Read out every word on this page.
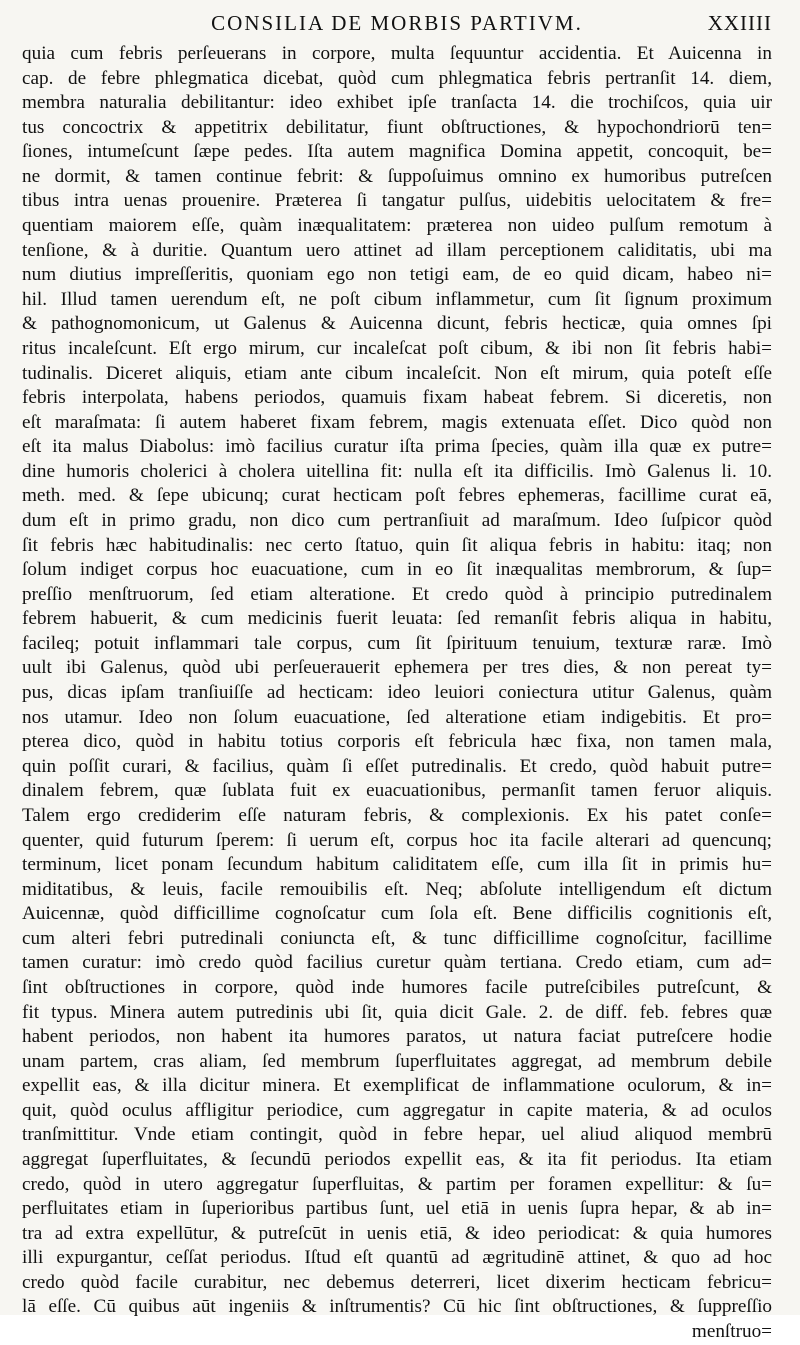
CONSILIA DE MORBIS PARTIVM.	XXIIII
quia cum febris perſeuerans in corpore, multa ſequuntur accidentia. Et Auicenna in
cap. de febre phlegmatica dicebat, quòd cum phlegmatica febris pertranſit 14. diem,
membra naturalia debilitantur: ideo exhibet ipſe tranſacta 14. die trochiſcos, quia uir
tus concoctrix & appetitrix debilitatur, fiunt obſtructiones, & hypochondriorū ten=
ſiones, intumeſcunt ſæpe pedes. Iſta autem magnifica Domina appetit, concoquit, be=
ne dormit, & tamen continue febrit: & ſuppoſuimus omnino ex humoribus putreſcen
tibus intra uenas prouenire. Præterea ſi tangatur pulſus, uidebitis uelocitatem & fre=
quentiam maiorem eſſe, quàm inæqualitatem: præterea non uideo pulſum remotum à
tenſione, & à duritie. Quantum uero attinet ad illam perceptionem caliditatis, ubi ma
num diutius impreſſeritis, quoniam ego non tetigi eam, de eo quid dicam, habeo ni=
hil. Illud tamen uerendum eſt, ne poſt cibum inflammetur, cum ſit ſignum proximum
& pathognomonicum, ut Galenus & Auicenna dicunt, febris hecticæ, quia omnes ſpi
ritus incaleſcunt. Eſt ergo mirum, cur incaleſcat poſt cibum, & ibi non ſit febris habi=
tudinalis. Diceret aliquis, etiam ante cibum incaleſcit. Non eſt mirum, quia poteſt eſſe
febris interpolata, habens periodos, quamuis fixam habeat febrem. Si diceretis, non
eſt maraſmata: ſi autem haberet fixam febrem, magis extenuata eſſet. Dico quòd non
eſt ita malus Diabolus: imò facilius curatur iſta prima ſpecies, quàm illa quæ ex putre=
dine humoris cholerici à cholera uitellina fit: nulla eſt ita difficilis. Imò Galenus li. 10.
meth. med. & ſepe ubicunq; curat hecticam poſt febres ephemeras, facillime curat eā,
dum eſt in primo gradu, non dico cum pertranſiuit ad maraſmum. Ideo ſuſpicor quòd
ſit febris hæc habitudinalis: nec certo ſtatuo, quin ſit aliqua febris in habitu: itaq; non
ſolum indiget corpus hoc euacuatione, cum in eo ſit inæqualitas membrorum, & ſup=
preſſio menſtruorum, ſed etiam alteratione. Et credo quòd à principio putredinalem
febrem habuerit, & cum medicinis fuerit leuata: ſed remanſit febris aliqua in habitu,
facileq; potuit inflammari tale corpus, cum ſit ſpirituum tenuium, texturæ raræ. Imò
uult ibi Galenus, quòd ubi perſeuerauerit ephemera per tres dies, & non pereat ty=
pus, dicas ipſam tranſiuiſſe ad hecticam: ideo leuiori coniectura utitur Galenus, quàm
nos utamur. Ideo non ſolum euacuatione, ſed alteratione etiam indigebitis. Et pro=
pterea dico, quòd in habitu totius corporis eſt febricula hæc fixa, non tamen mala,
quin poſſit curari, & facilius, quàm ſi eſſet putredinalis. Et credo, quòd habuit putre=
dinalem febrem, quæ ſublata fuit ex euacuationibus, permanſit tamen feruor aliquis.
Talem ergo crediderim eſſe naturam febris, & complexionis. Ex his patet conſe=
quenter, quid futurum ſperem: ſi uerum eſt, corpus hoc ita facile alterari ad quencunq;
terminum, licet ponam ſecundum habitum caliditatem eſſe, cum illa ſit in primis hu=
miditatibus, & leuis, facile remouibilis eſt. Neq; abſolute intelligendum eſt dictum
Auicennæ, quòd difficillime cognoſcatur cum ſola eſt. Bene difficilis cognitionis eſt,
cum alteri febri putredinali coniuncta eſt, & tunc difficillime cognoſcitur, facillime
tamen curatur: imò credo quòd facilius curetur quàm tertiana. Credo etiam, cum ad=
ſint obſtructiones in corpore, quòd inde humores facile putreſcibiles putreſcunt, &
fit typus. Minera autem putredinis ubi ſit, quia dicit Gale. 2. de diff. feb. febres quæ
habent periodos, non habent ita humores paratos, ut natura faciat putreſcere hodie
unam partem, cras aliam, ſed membrum ſuperfluitates aggregat, ad membrum debile
expellit eas, & illa dicitur minera. Et exemplificat de inflammatione oculorum, & in=
quit, quòd oculus affligitur periodice, cum aggregatur in capite materia, & ad oculos
tranſmittitur. Vnde etiam contingit, quòd in febre hepar, uel aliud aliquod membrū
aggregat ſuperfluitates, & ſecundū periodos expellit eas, & ita fit periodus. Ita etiam
credo, quòd in utero aggregatur ſuperfluitas, & partim per foramen expellitur: & ſu=
perfluitates etiam in ſuperioribus partibus ſunt, uel etiā in uenis ſupra hepar, & ab in=
tra ad extra expellūtur, & putreſcūt in uenis etiā, & ideo periodicat: & quia humores
illi expurgantur, ceſſat periodus. Iſtud eſt quantū ad ægritudinē attinet, & quo ad hoc
credo quòd facile curabitur, nec debemus deterreri, licet dixerim hecticam febricu=
lā eſſe. Cū quibus aūt ingeniis & inſtrumentis? Cū hic ſint obſtructiones, & ſuppreſſio
menſtruo=
